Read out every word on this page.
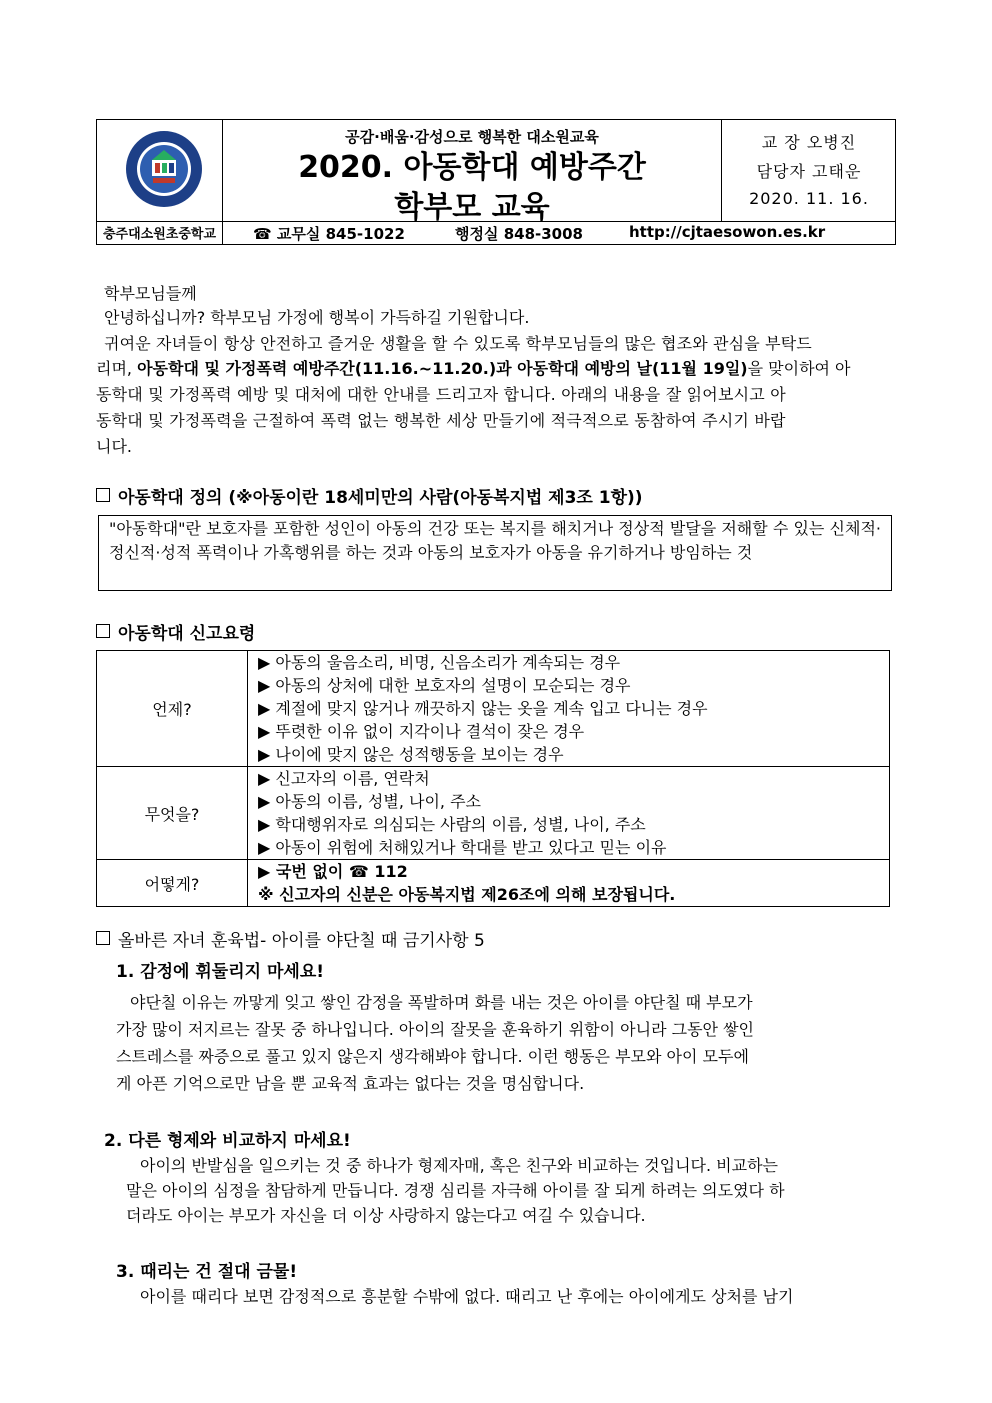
공감·배움·감성으로 행복한 대소원교육
2020. 아동학대 예방주간
학부모 교육
교 장 오병진
담당자 고태운
2020. 11. 16.
충주대소원초중학교	☎ 교무실 845-1022	행정실 848-3008	http://cjtaesowon.es.kr
학부모님들께
안녕하십니까? 학부모님 가정에 행복이 가득하길 기원합니다.
귀여운 자녀들이 항상 안전하고 즐거운 생활을 할 수 있도록 학부모님들의 많은 협조와 관심을 부탁드
리며, 아동학대 및 가정폭력 예방주간(11.16.~11.20.)과 아동학대 예방의 날(11월 19일)을 맞이하여 아
동학대 및 가정폭력 예방 및 대처에 대한 안내를 드리고자 합니다. 아래의 내용을 잘 읽어보시고 아
동학대 및 가정폭력을 근절하여 폭력 없는 행복한 세상 만들기에 적극적으로 동참하여 주시기 바랍
니다.
아동학대 정의 (※아동이란 18세미만의 사람(아동복지법 제3조 1항))
"아동학대"란 보호자를 포함한 성인이 아동의 건강 또는 복지를 해치거나 정상적 발달을 저해할 수 있는 신체적·정신적·성적 폭력이나 가혹행위를 하는 것과 아동의 보호자가 아동을 유기하거나 방임하는 것
아동학대 신고요령
언제?	▶ 아동의 울음소리, 비명, 신음소리가 계속되는 경우
▶ 아동의 상처에 대한 보호자의 설명이 모순되는 경우
▶ 계절에 맞지 않거나 깨끗하지 않는 옷을 계속 입고 다니는 경우
▶ 뚜렷한 이유 없이 지각이나 결석이 잦은 경우
▶ 나이에 맞지 않은 성적행동을 보이는 경우

무엇을?	▶ 신고자의 이름, 연락처
▶ 아동의 이름, 성별, 나이, 주소
▶ 학대행위자로 의심되는 사람의 이름, 성별, 나이, 주소
▶ 아동이 위험에 처해있거나 학대를 받고 있다고 믿는 이유

어떻게?	▶ 국번 없이 ☎ 112
※ 신고자의 신분은 아동복지법 제26조에 의해 보장됩니다.
올바른 자녀 훈육법- 아이를 야단칠 때 금기사항 5
1. 감정에 휘둘리지 마세요!
야단칠 이유는 까맣게 잊고 쌓인 감정을 폭발하며 화를 내는 것은 아이를 야단칠 때 부모가
가장 많이 저지르는 잘못 중 하나입니다. 아이의 잘못을 훈육하기 위함이 아니라 그동안 쌓인
스트레스를 짜증으로 풀고 있지 않은지 생각해봐야 합니다. 이런 행동은 부모와 아이 모두에
게 아픈 기억으로만 남을 뿐 교육적 효과는 없다는 것을 명심합니다.
2. 다른 형제와 비교하지 마세요!
아이의 반발심을 일으키는 것 중 하나가 형제자매, 혹은 친구와 비교하는 것입니다. 비교하는
말은 아이의 심정을 참담하게 만듭니다. 경쟁 심리를 자극해 아이를 잘 되게 하려는 의도였다 하
더라도 아이는 부모가 자신을 더 이상 사랑하지 않는다고 여길 수 있습니다.
3. 때리는 건 절대 금물!
아이를 때리다 보면 감정적으로 흥분할 수밖에 없다. 때리고 난 후에는 아이에게도 상처를 남기
